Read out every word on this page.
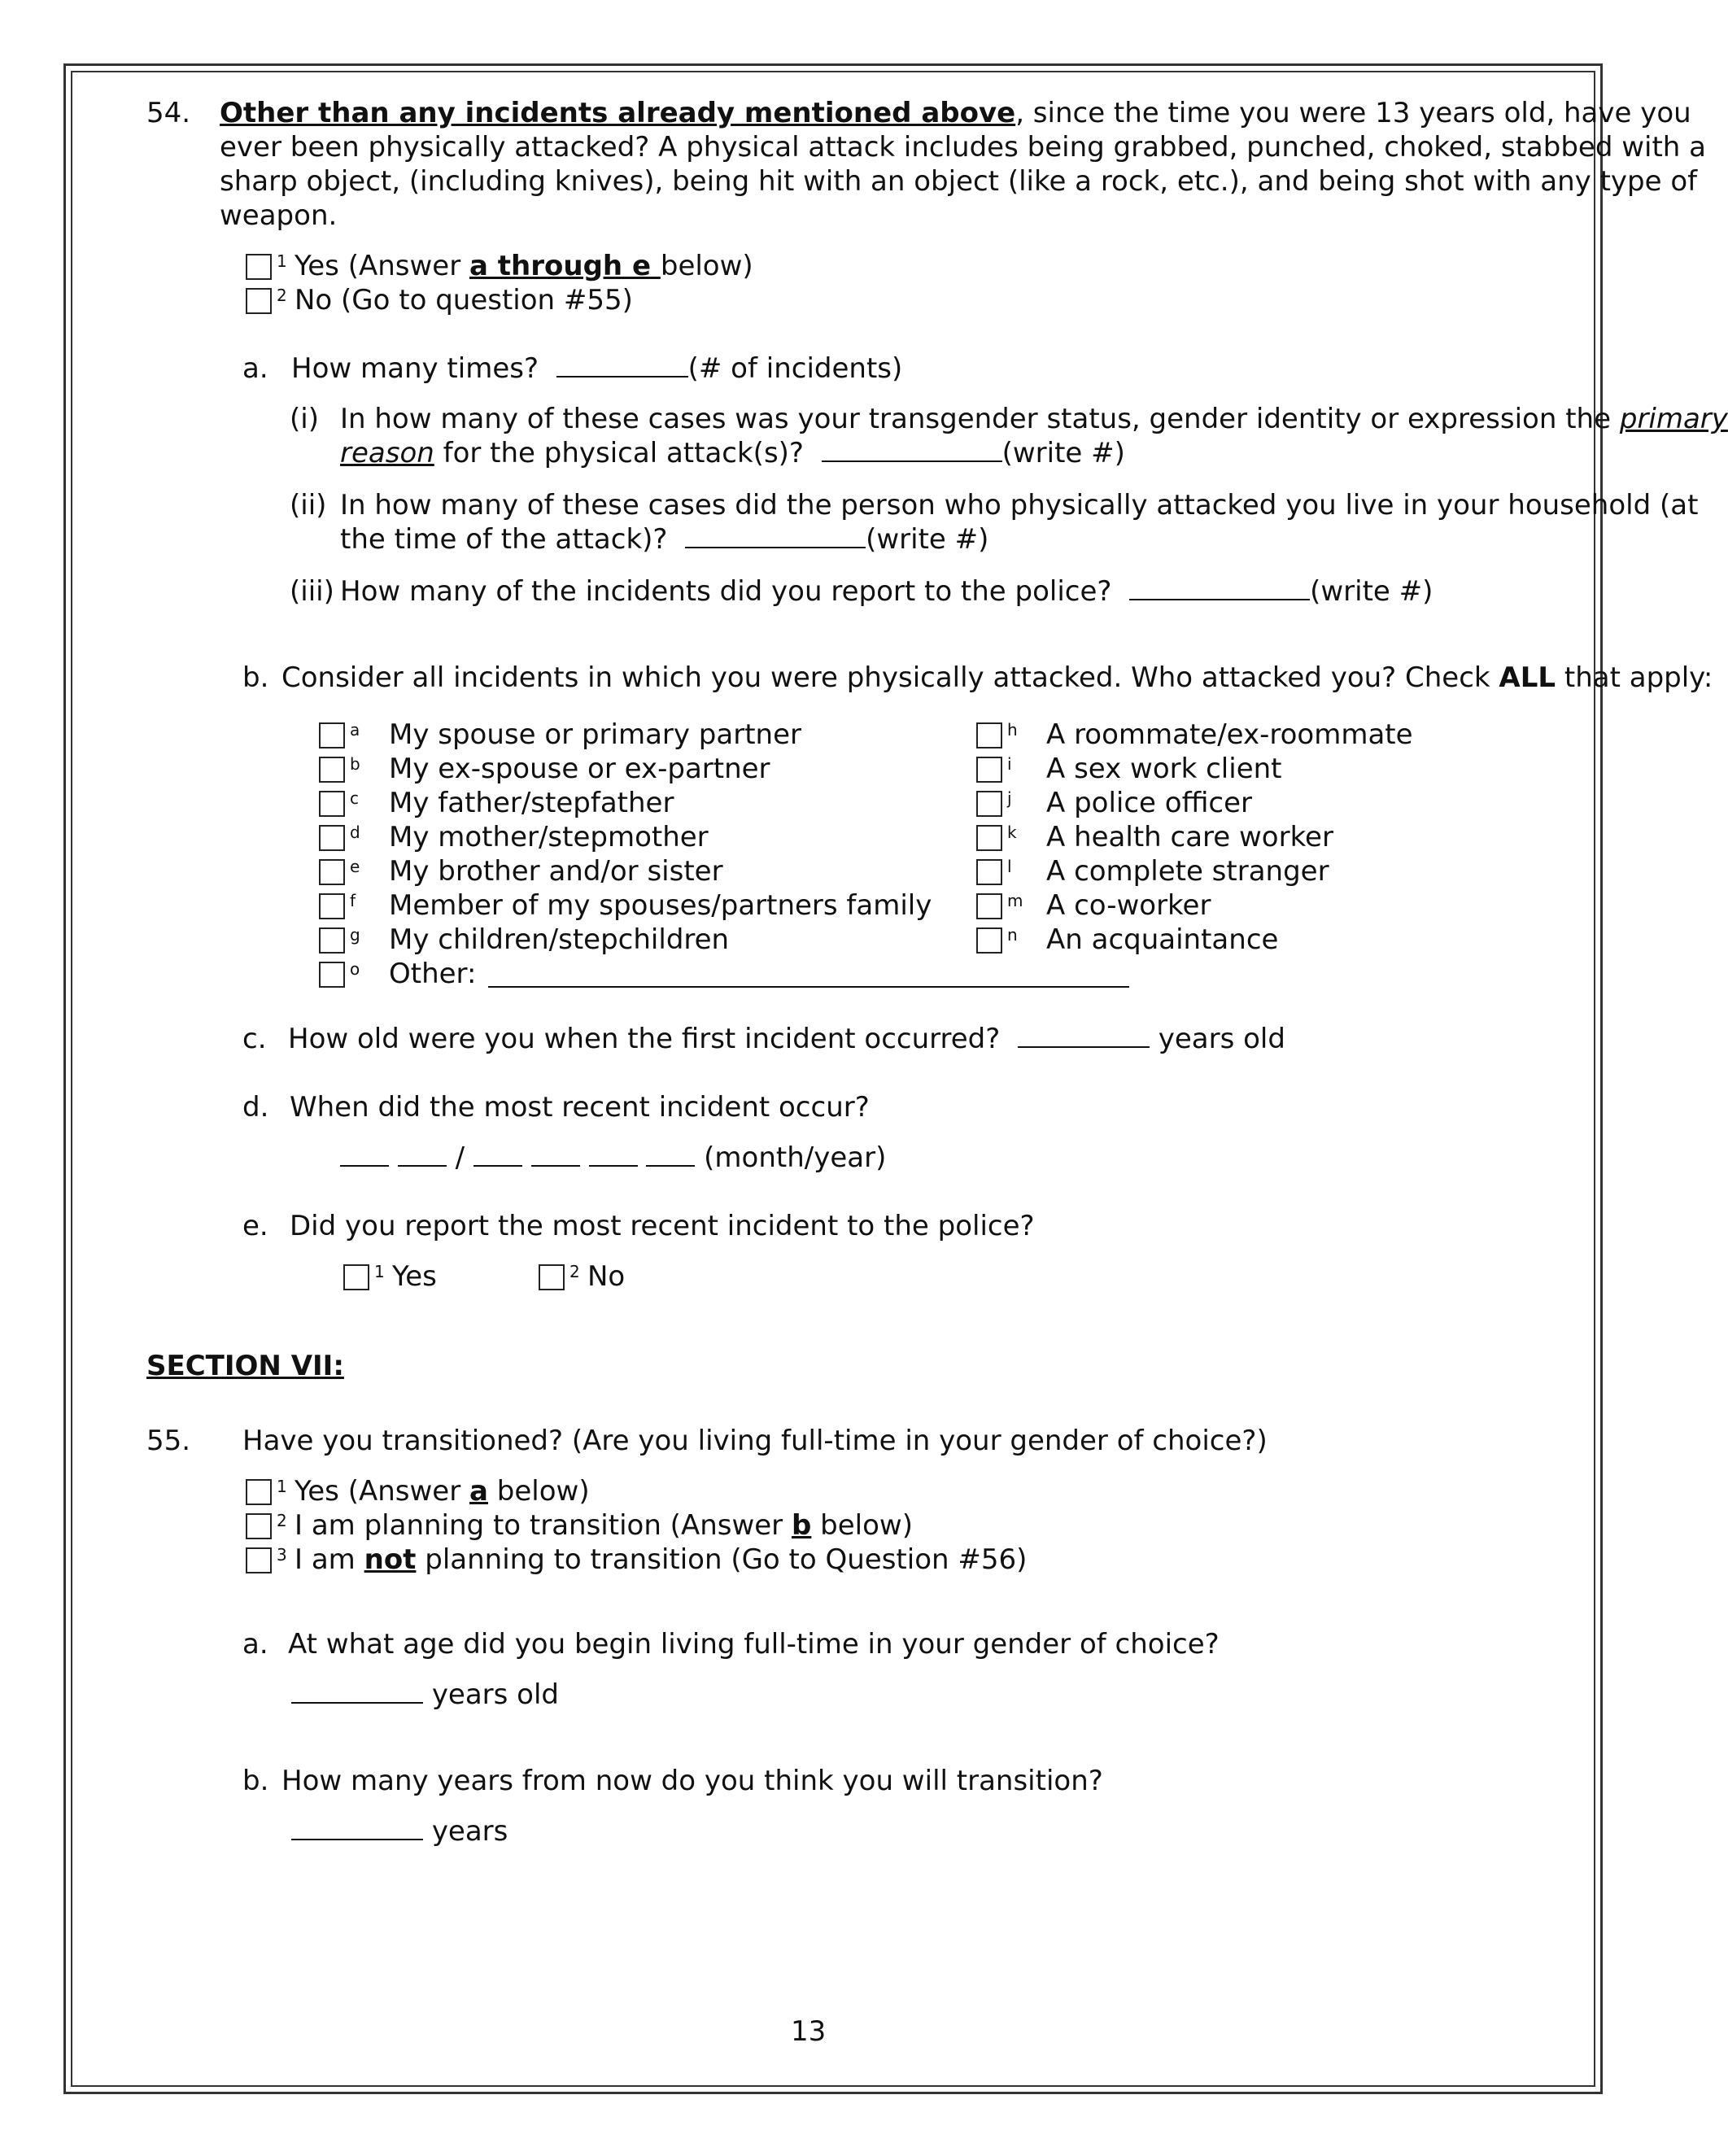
54. Other than any incidents already mentioned above, since the time you were 13 years old, have you
ever been physically attacked? A physical attack includes being grabbed, punched, choked, stabbed with a
sharp object, (including knives), being hit with an object (like a rock, etc.), and being shot with any type of
weapon.
1 Yes (Answer a through e below)
2 No (Go to question #55)
a. How many times?	(# of incidents)
(i) In how many of these cases was your transgender status, gender identity or expression the primary
reason for the physical attack(s)?	(write #)
(ii) In how many of these cases did the person who physically attacked you live in your household (at
the time of the attack)?	(write #)
(iii) How many of the incidents did you report to the police?	(write #)
b. Consider all incidents in which you were physically attacked. Who attacked you? Check ALL that apply:
a My spouse or primary partner
b My ex-spouse or ex-partner
c My father/stepfather
d My mother/stepmother
e My brother and/or sister
f Member of my spouses/partners family
g My children/stepchildren
o Other:
h A roommate/ex-roommate
i A sex work client
j A police officer
k A health care worker
l A complete stranger
m A co-worker
n An acquaintance
c. How old were you when the first incident occurred?	years old
d. When did the most recent incident occur?
/	(month/year)
e. Did you report the most recent incident to the police?
1 Yes	2 No
SECTION VII:
55. Have you transitioned? (Are you living full-time in your gender of choice?)
1 Yes (Answer a below)
2 I am planning to transition (Answer b below)
3 I am not planning to transition (Go to Question #56)
a. At what age did you begin living full-time in your gender of choice?
years old
b. How many years from now do you think you will transition?
years
13
